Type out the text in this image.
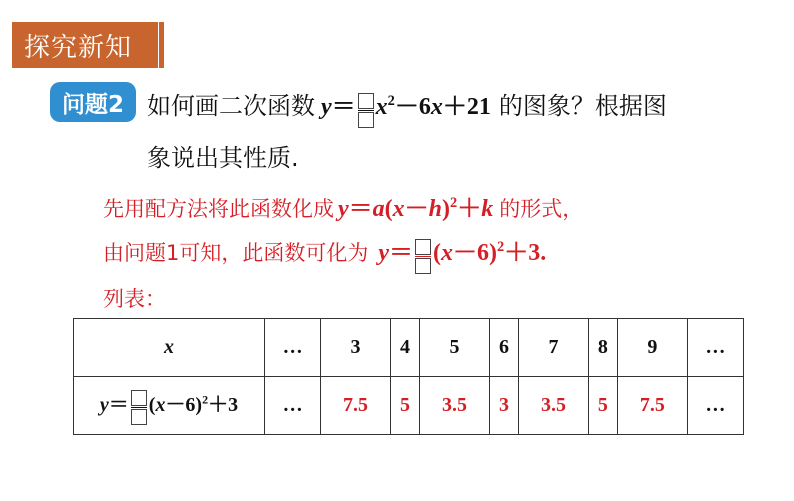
探究新知
问题2 如何画二次函数 $y= x^2-6x+21$ 的图象？根据图
象说出其性质.
先用配方法将此函数化成 $y=a(x-h)^2+k$ 的形式，
由问题1可知，此函数可化为 $y= (x-6)^2+3$.
列表：
x	…	3	4	5	6	7	8	9	…
$y= (x-6)^2+3$	…	7.5	5	3.5	3	3.5	5	7.5	…
